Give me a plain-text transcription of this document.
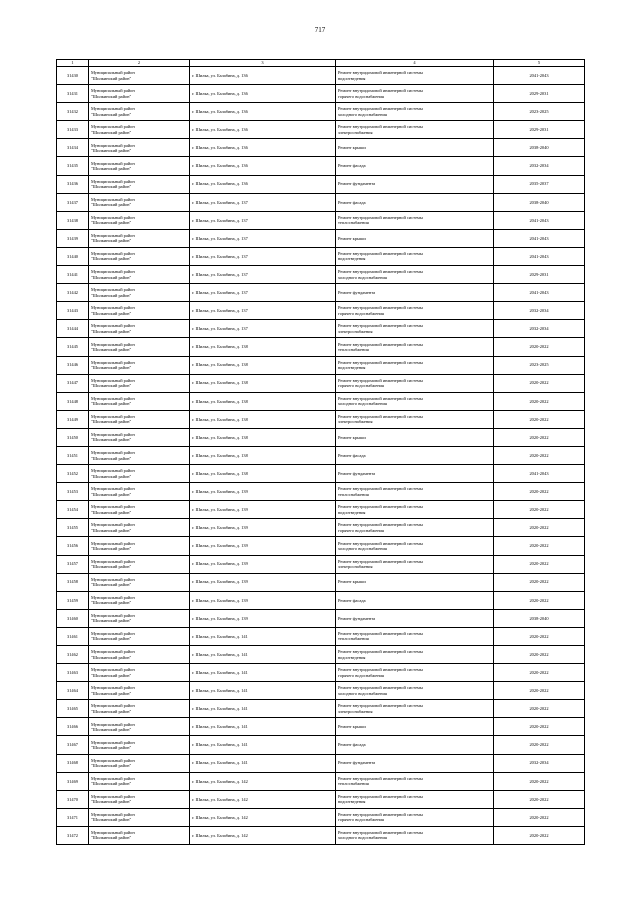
717
1	2	3	4	5
31430	Муниципальный район
"Шилкинский район"	г. Шилка, ул. Балабина, д. 136	Ремонт внутридомовой инженерной системы
водоотведения	2041-2043
31431	Муниципальный район
"Шилкинский район"	г. Шилка, ул. Балабина, д. 136	Ремонт внутридомовой инженерной системы
горячего водоснабжения	2029-2031
31432	Муниципальный район
"Шилкинский район"	г. Шилка, ул. Балабина, д. 136	Ремонт внутридомовой инженерной системы
холодного водоснабжения	2023-2025
31433	Муниципальный район
"Шилкинский район"	г. Шилка, ул. Балабина, д. 136	Ремонт внутридомовой инженерной системы
электроснабжения	2029-2031
31434	Муниципальный район
"Шилкинский район"	г. Шилка, ул. Балабина, д. 136	Ремонт крыши	2038-2040
31435	Муниципальный район
"Шилкинский район"	г. Шилка, ул. Балабина, д. 136	Ремонт фасада	2032-2034
31436	Муниципальный район
"Шилкинский район"	г. Шилка, ул. Балабина, д. 136	Ремонт фундамента	2035-2037
31437	Муниципальный район
"Шилкинский район"	г. Шилка, ул. Балабина, д. 137	Ремонт фасада	2038-2040
31438	Муниципальный район
"Шилкинский район"	г. Шилка, ул. Балабина, д. 137	Ремонт внутридомовой инженерной системы
теплоснабжения	2041-2043
31439	Муниципальный район
"Шилкинский район"	г. Шилка, ул. Балабина, д. 137	Ремонт крыши	2041-2043
31440	Муниципальный район
"Шилкинский район"	г. Шилка, ул. Балабина, д. 137	Ремонт внутридомовой инженерной системы
водоотведения	2041-2043
31441	Муниципальный район
"Шилкинский район"	г. Шилка, ул. Балабина, д. 137	Ремонт внутридомовой инженерной системы
холодного водоснабжения	2029-2031
31442	Муниципальный район
"Шилкинский район"	г. Шилка, ул. Балабина, д. 137	Ремонт фундамента	2041-2043
31443	Муниципальный район
"Шилкинский район"	г. Шилка, ул. Балабина, д. 137	Ремонт внутридомовой инженерной системы
горячего водоснабжения	2032-2034
31444	Муниципальный район
"Шилкинский район"	г. Шилка, ул. Балабина, д. 137	Ремонт внутридомовой инженерной системы
электроснабжения	2032-2034
31445	Муниципальный район
"Шилкинский район"	г. Шилка, ул. Балабина, д. 138	Ремонт внутридомовой инженерной системы
теплоснабжения	2020-2022
31446	Муниципальный район
"Шилкинский район"	г. Шилка, ул. Балабина, д. 138	Ремонт внутридомовой инженерной системы
водоотведения	2023-2025
31447	Муниципальный район
"Шилкинский район"	г. Шилка, ул. Балабина, д. 138	Ремонт внутридомовой инженерной системы
горячего водоснабжения	2020-2022
31448	Муниципальный район
"Шилкинский район"	г. Шилка, ул. Балабина, д. 138	Ремонт внутридомовой инженерной системы
холодного водоснабжения	2020-2022
31449	Муниципальный район
"Шилкинский район"	г. Шилка, ул. Балабина, д. 138	Ремонт внутридомовой инженерной системы
электроснабжения	2020-2022
31450	Муниципальный район
"Шилкинский район"	г. Шилка, ул. Балабина, д. 138	Ремонт крыши	2020-2022
31451	Муниципальный район
"Шилкинский район"	г. Шилка, ул. Балабина, д. 138	Ремонт фасада	2020-2022
31452	Муниципальный район
"Шилкинский район"	г. Шилка, ул. Балабина, д. 138	Ремонт фундамента	2041-2043
31453	Муниципальный район
"Шилкинский район"	г. Шилка, ул. Балабина, д. 139	Ремонт внутридомовой инженерной системы
теплоснабжения	2020-2022
31454	Муниципальный район
"Шилкинский район"	г. Шилка, ул. Балабина, д. 139	Ремонт внутридомовой инженерной системы
водоотведения	2020-2022
31455	Муниципальный район
"Шилкинский район"	г. Шилка, ул. Балабина, д. 139	Ремонт внутридомовой инженерной системы
горячего водоснабжения	2020-2022
31456	Муниципальный район
"Шилкинский район"	г. Шилка, ул. Балабина, д. 139	Ремонт внутридомовой инженерной системы
холодного водоснабжения	2020-2022
31457	Муниципальный район
"Шилкинский район"	г. Шилка, ул. Балабина, д. 139	Ремонт внутридомовой инженерной системы
электроснабжения	2020-2022
31458	Муниципальный район
"Шилкинский район"	г. Шилка, ул. Балабина, д. 139	Ремонт крыши	2020-2022
31459	Муниципальный район
"Шилкинский район"	г. Шилка, ул. Балабина, д. 139	Ремонт фасада	2020-2022
31460	Муниципальный район
"Шилкинский район"	г. Шилка, ул. Балабина, д. 139	Ремонт фундамента	2038-2040
31461	Муниципальный район
"Шилкинский район"	г. Шилка, ул. Балабина, д. 141	Ремонт внутридомовой инженерной системы
теплоснабжения	2020-2022
31462	Муниципальный район
"Шилкинский район"	г. Шилка, ул. Балабина, д. 141	Ремонт внутридомовой инженерной системы
водоотведения	2020-2022
31463	Муниципальный район
"Шилкинский район"	г. Шилка, ул. Балабина, д. 141	Ремонт внутридомовой инженерной системы
горячего водоснабжения	2020-2022
31464	Муниципальный район
"Шилкинский район"	г. Шилка, ул. Балабина, д. 141	Ремонт внутридомовой инженерной системы
холодного водоснабжения	2020-2022
31465	Муниципальный район
"Шилкинский район"	г. Шилка, ул. Балабина, д. 141	Ремонт внутридомовой инженерной системы
электроснабжения	2020-2022
31466	Муниципальный район
"Шилкинский район"	г. Шилка, ул. Балабина, д. 141	Ремонт крыши	2020-2022
31467	Муниципальный район
"Шилкинский район"	г. Шилка, ул. Балабина, д. 141	Ремонт фасада	2020-2022
31468	Муниципальный район
"Шилкинский район"	г. Шилка, ул. Балабина, д. 141	Ремонт фундамента	2032-2034
31469	Муниципальный район
"Шилкинский район"	г. Шилка, ул. Балабина, д. 142	Ремонт внутридомовой инженерной системы
теплоснабжения	2020-2022
31470	Муниципальный район
"Шилкинский район"	г. Шилка, ул. Балабина, д. 142	Ремонт внутридомовой инженерной системы
водоотведения	2020-2022
31471	Муниципальный район
"Шилкинский район"	г. Шилка, ул. Балабина, д. 142	Ремонт внутридомовой инженерной системы
горячего водоснабжения	2020-2022
31472	Муниципальный район
"Шилкинский район"	г. Шилка, ул. Балабина, д. 142	Ремонт внутридомовой инженерной системы
холодного водоснабжения	2020-2022
